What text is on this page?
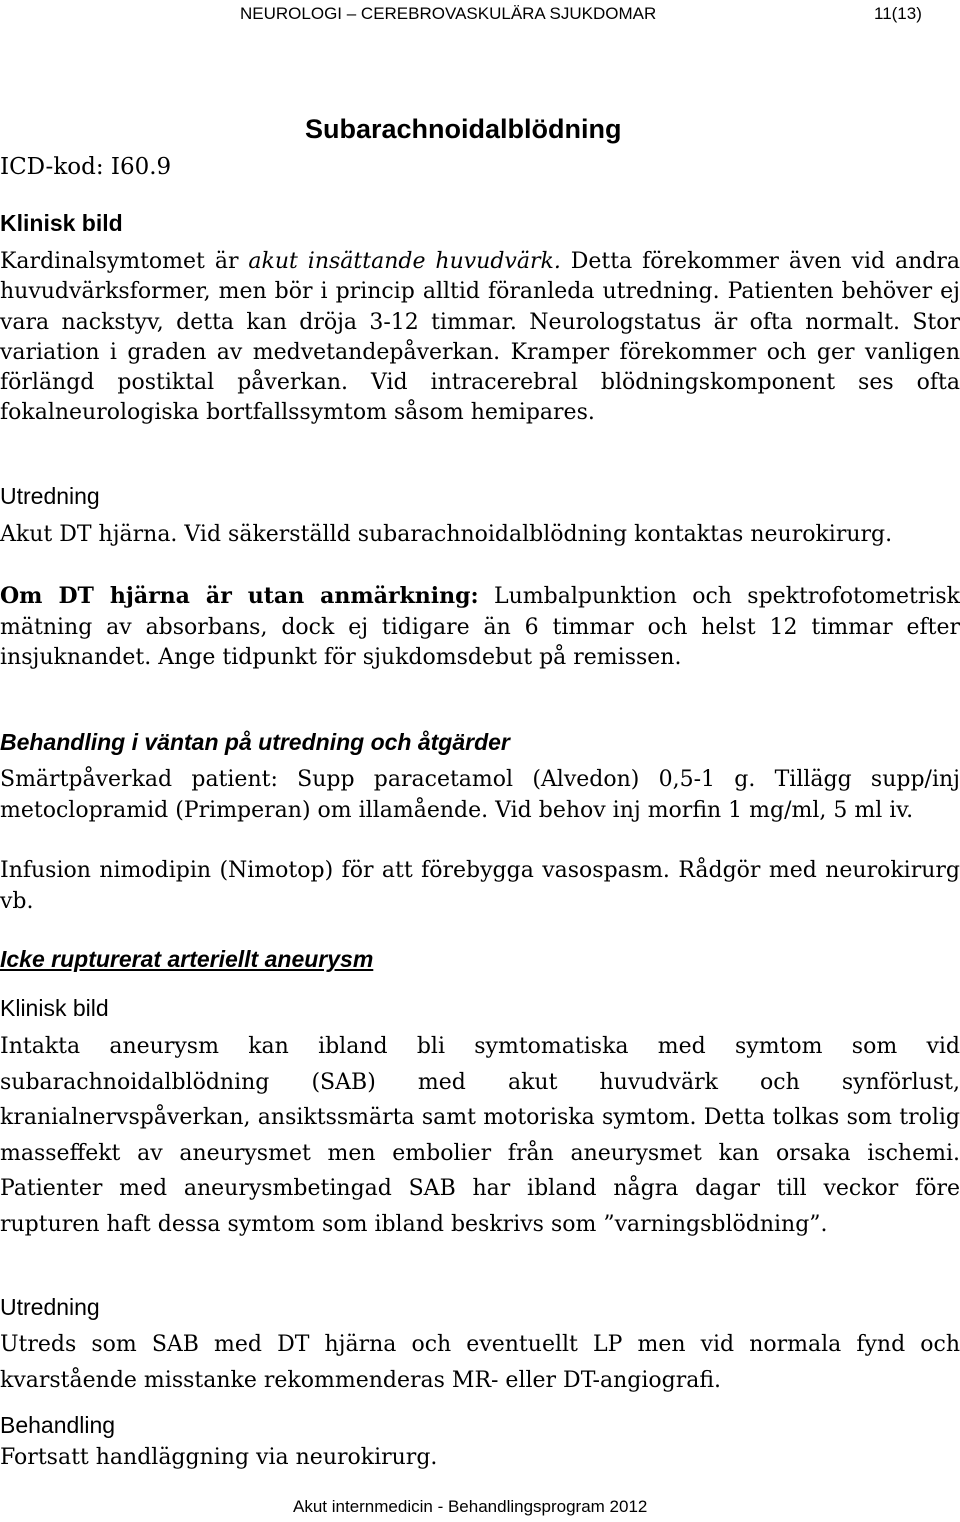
NEUROLOGI – CEREBROVASKULÄRA SJUKDOMAR	11(13)
Subarachnoidalblödning
ICD-kod: I60.9
Klinisk bild
Kardinalsymtomet är akut insättande huvudvärk. Detta förekommer även vid andra huvudvärksformer, men bör i princip alltid föranleda utredning. Patienten behöver ej vara nackstyv, detta kan dröja 3-12 timmar. Neurologstatus är ofta normalt. Stor variation i graden av medvetandepåverkan. Kramper förekommer och ger vanligen förlängd postiktal påverkan. Vid intracerebral blödningskomponent ses ofta fokalneurologiska bortfallssymtom såsom hemipares.
Utredning
Akut DT hjärna. Vid säkerställd subarachnoidalblödning kontaktas neurokirurg.
Om DT hjärna är utan anmärkning: Lumbalpunktion och spektrofotometrisk mätning av absorbans, dock ej tidigare än 6 timmar och helst 12 timmar efter insjuknandet. Ange tidpunkt för sjukdomsdebut på remissen.
Behandling i väntan på utredning och åtgärder
Smärtpåverkad patient: Supp paracetamol (Alvedon) 0,5-1 g. Tillägg supp/inj metoclopramid (Primperan) om illamående. Vid behov inj morfin 1 mg/ml, 5 ml iv.
Infusion nimodipin (Nimotop) för att förebygga vasospasm. Rådgör med neurokirurg vb.
Icke rupturerat arteriellt aneurysm
Klinisk bild
Intakta aneurysm kan ibland bli symtomatiska med symtom som vid subarachnoidalblödning (SAB) med akut huvudvärk och synförlust, kranialnervspåverkan, ansiktssmärta samt motoriska symtom. Detta tolkas som trolig masseffekt av aneurysmet men embolier från aneurysmet kan orsaka ischemi. Patienter med aneurysmbetingad SAB har ibland några dagar till veckor före rupturen haft dessa symtom som ibland beskrivs som ”varningsblödning”.
Utredning
Utreds som SAB med DT hjärna och eventuellt LP men vid normala fynd och kvarstående misstanke rekommenderas MR- eller DT-angiografi.
Behandling
Fortsatt handläggning via neurokirurg.
Akut internmedicin - Behandlingsprogram 2012
